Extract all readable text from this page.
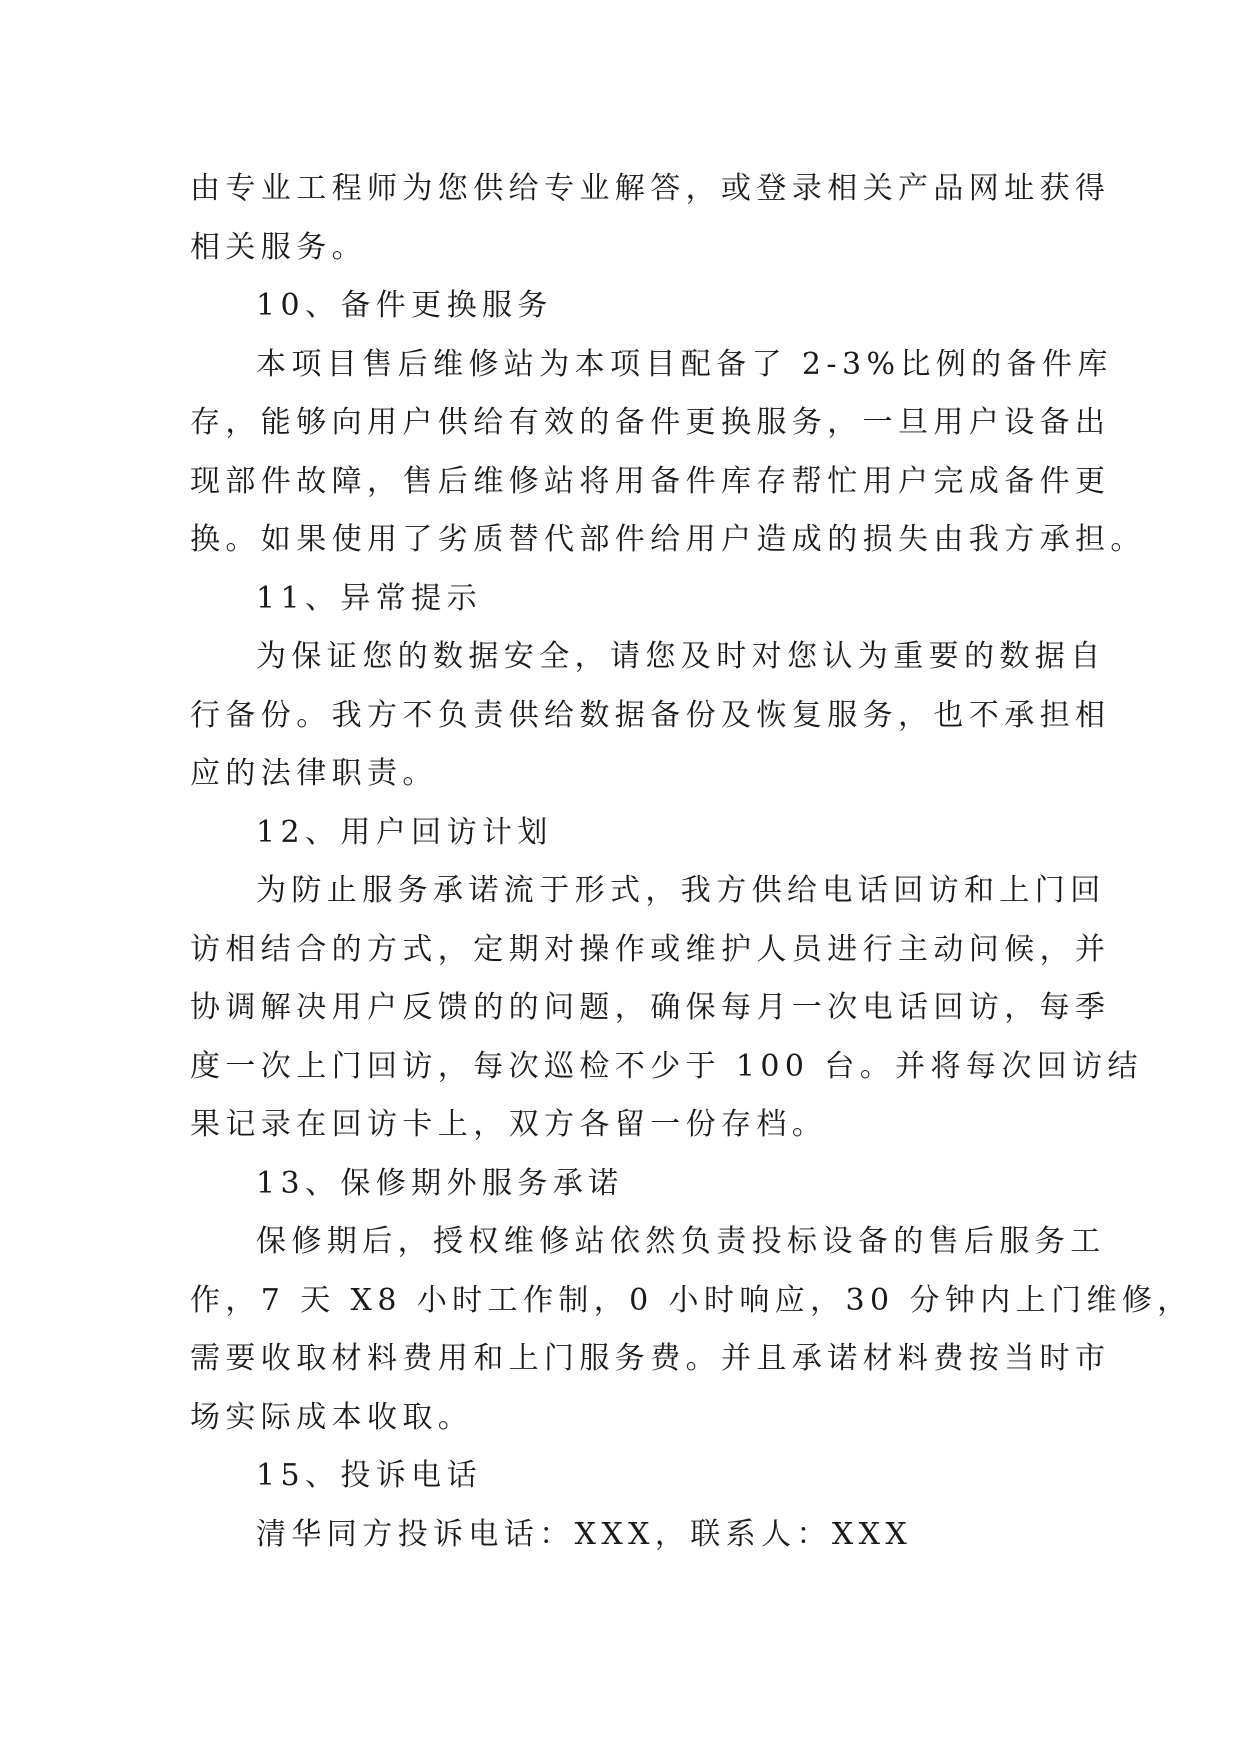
由专业工程师为您供给专业解答，或登录相关产品网址获得
相关服务。
10、备件更换服务
本项目售后维修站为本项目配备了 2-3%比例的备件库
存，能够向用户供给有效的备件更换服务，一旦用户设备出
现部件故障，售后维修站将用备件库存帮忙用户完成备件更
换。如果使用了劣质替代部件给用户造成的损失由我方承担。
11、异常提示
为保证您的数据安全，请您及时对您认为重要的数据自
行备份。我方不负责供给数据备份及恢复服务，也不承担相
应的法律职责。
12、用户回访计划
为防止服务承诺流于形式，我方供给电话回访和上门回
访相结合的方式，定期对操作或维护人员进行主动问候，并
协调解决用户反馈的的问题，确保每月一次电话回访，每季
度一次上门回访，每次巡检不少于 100 台。并将每次回访结
果记录在回访卡上，双方各留一份存档。
13、保修期外服务承诺
保修期后，授权维修站依然负责投标设备的售后服务工
作，7 天 X8 小时工作制，0 小时响应，30 分钟内上门维修，
需要收取材料费用和上门服务费。并且承诺材料费按当时市
场实际成本收取。
15、投诉电话
清华同方投诉电话：XXX，联系人：XXX
